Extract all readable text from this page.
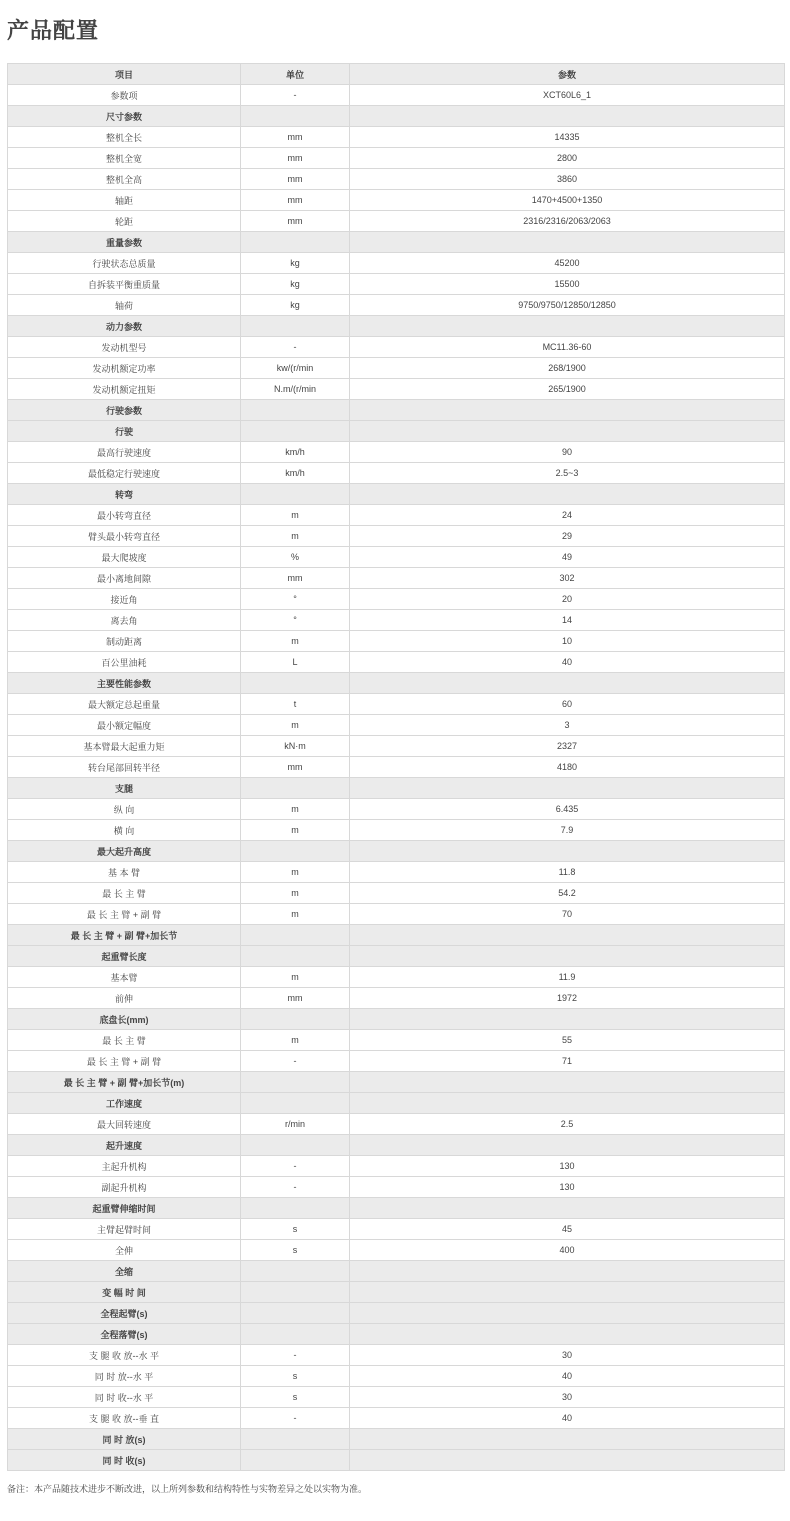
产品配置
项目	单位	参数
参数项	-	XCT60L6_1
尺寸参数		
整机全长	mm	14335
整机全宽	mm	2800
整机全高	mm	3860
轴距	mm	1470+4500+1350
轮距	mm	2316/2316/2063/2063
重量参数		
行驶状态总质量	kg	45200
自拆装平衡重质量	kg	15500
轴荷	kg	9750/9750/12850/12850
动力参数		
发动机型号	-	MC11.36-60
发动机额定功率	kw/(r/min	268/1900
发动机额定扭矩	N.m/(r/min	265/1900
行驶参数		
行驶		
最高行驶速度	km/h	90
最低稳定行驶速度	km/h	2.5~3
转弯		
最小转弯直径	m	24
臂头最小转弯直径	m	29
最大爬坡度	%	49
最小离地间隙	mm	302
接近角	°	20
离去角	°	14
制动距离	m	10
百公里油耗	L	40
主要性能参数		
最大额定总起重量	t	60
最小额定幅度	m	3
基本臂最大起重力矩	kN·m	2327
转台尾部回转半径	mm	4180
支腿		
纵 向	m	6.435
横 向	m	7.9
最大起升高度		
基 本 臂	m	11.8
最 长 主 臂	m	54.2
最 长 主 臂 + 副 臂	m	70
最 长 主 臂 + 副 臂+加长节		
起重臂长度		
基本臂	m	11.9
前伸	mm	1972
底盘长(mm)		
最 长 主 臂	m	55
最 长 主 臂 + 副 臂	-	71
最 长 主 臂 + 副 臂+加长节(m)		
工作速度		
最大回转速度	r/min	2.5
起升速度		
主起升机构	-	130
副起升机构	-	130
起重臂伸缩时间		
主臂起臂时间	s	45
全伸	s	400
全缩		
变 幅 时 间		
全程起臂(s)		
全程落臂(s)		
支 腿 收 放--水 平	-	30
同 时 放--水 平	s	40
同 时 收--水 平	s	30
支 腿 收 放--垂 直	-	40
同 时 放(s)		
同 时 收(s)		

备注：本产品随技术进步不断改进，以上所列参数和结构特性与实物差异之处以实物为准。
